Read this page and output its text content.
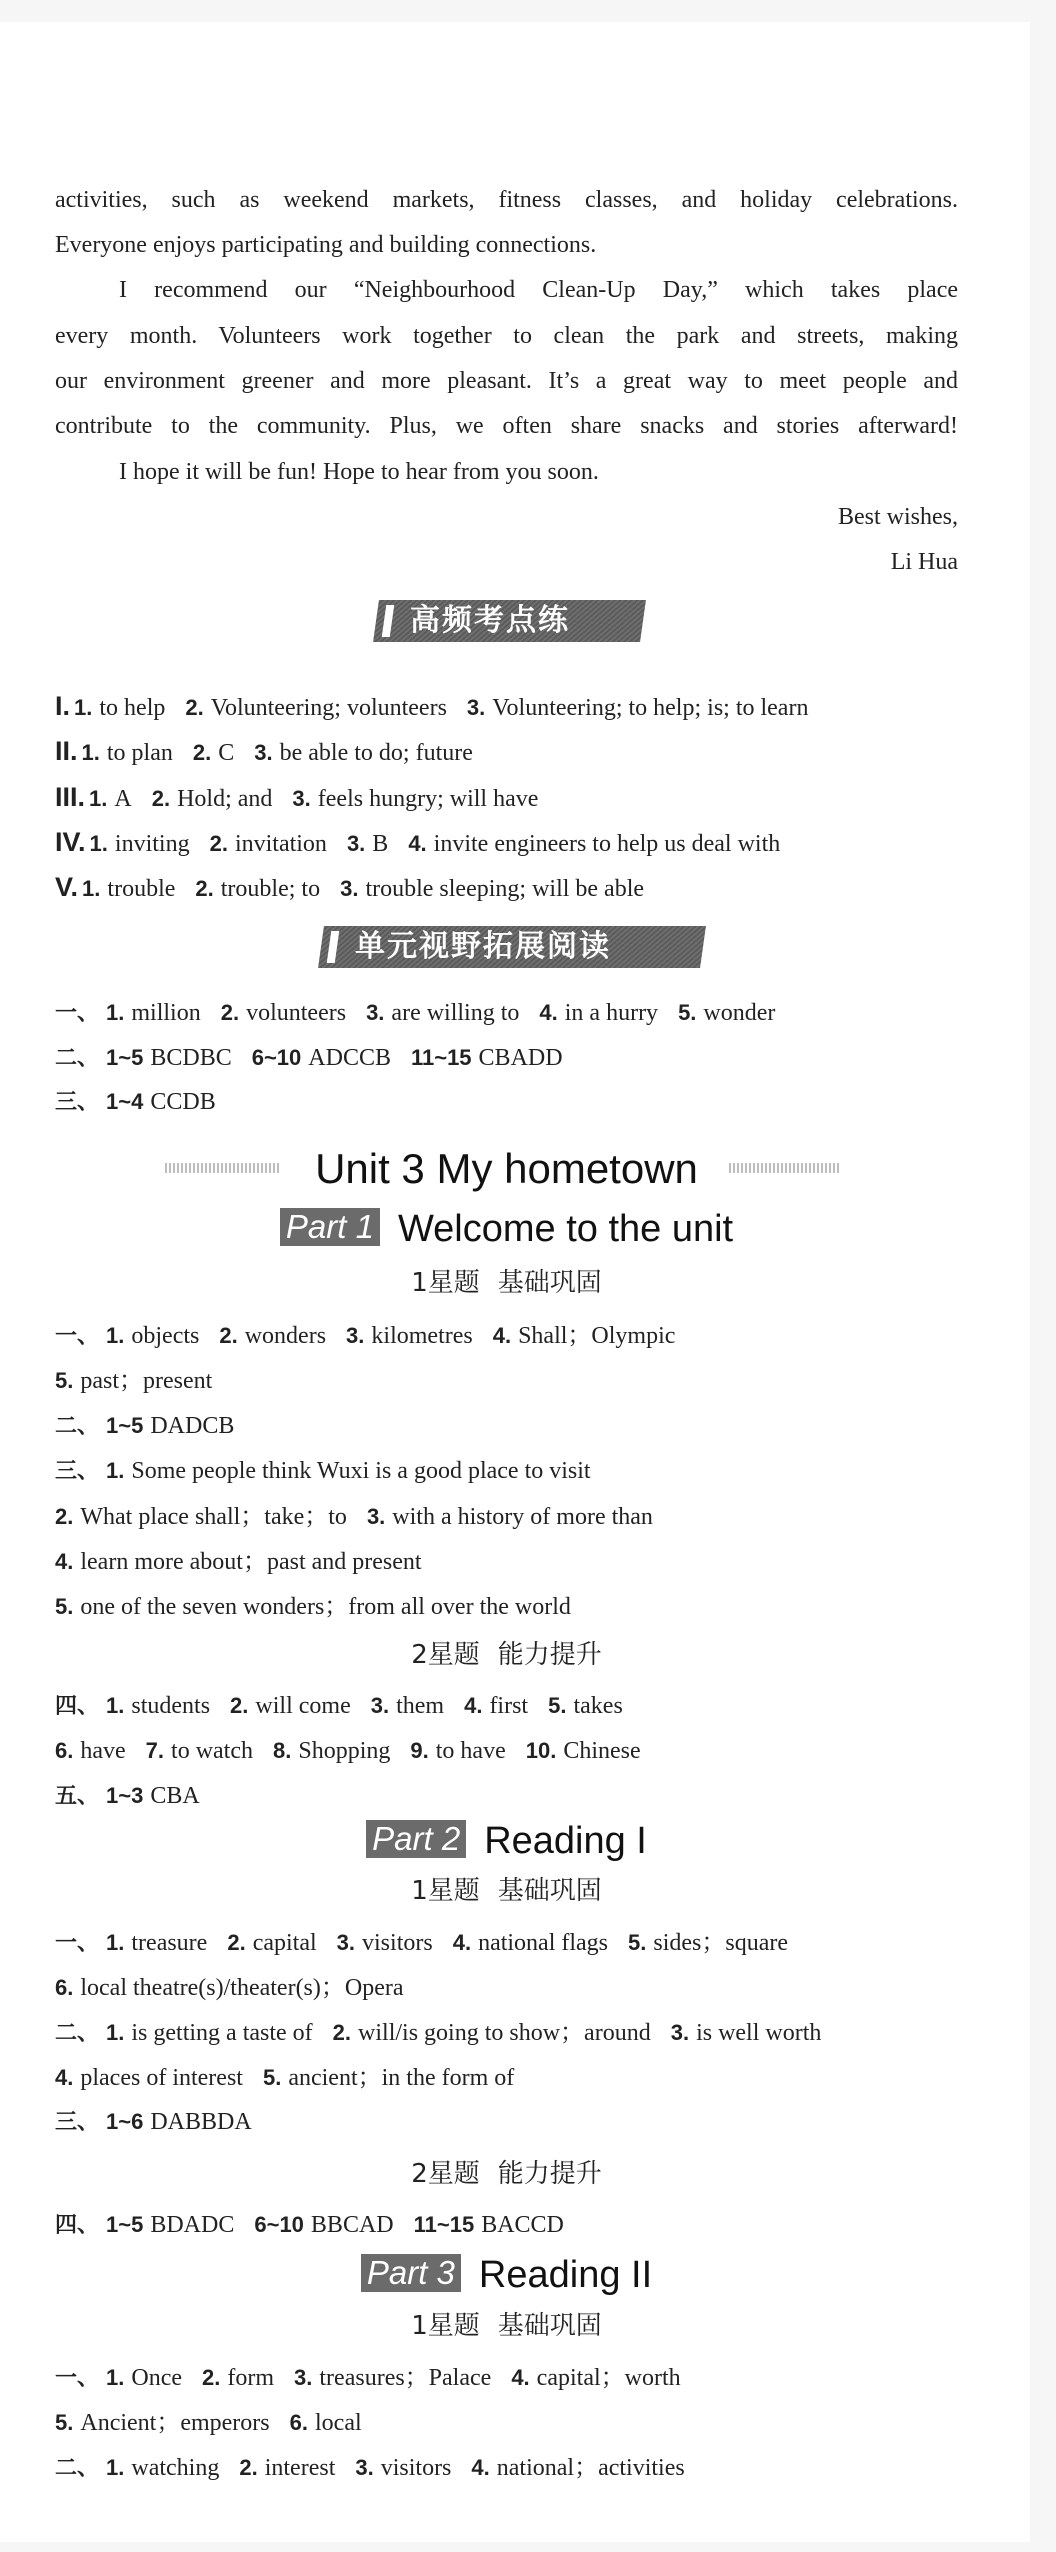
activities, such as weekend markets, fitness classes, and holiday celebrations.
Everyone enjoys participating and building connections.
I recommend our “Neighbourhood Clean-Up Day,” which takes place
every month. Volunteers work together to clean the park and streets, making
our environment greener and more pleasant. It’s a great way to meet people and
contribute to the community. Plus, we often share snacks and stories afterward!
I hope it will be fun! Hope to hear from you soon.
Best wishes,
Li Hua
高频考点练
I. 1. to help 2. Volunteering; volunteers 3. Volunteering; to help; is; to learn
II. 1. to plan 2. C 3. be able to do; future
III. 1. A 2. Hold; and 3. feels hungry; will have
IV. 1. inviting 2. invitation 3. B 4. invite engineers to help us deal with
V. 1. trouble 2. trouble; to 3. trouble sleeping; will be able
单元视野拓展阅读
一、 1. million 2. volunteers 3. are willing to 4. in a hurry 5. wonder
二、 1~5 BCDBC 6~10 ADCCB 11~15 CBADD
三、 1~4 CCDB
Unit 3 My hometown
Part 1 Welcome to the unit
1星题 基础巩固
一、 1. objects 2. wonders 3. kilometres 4. Shall；Olympic
5. past；present
二、 1~5 DADCB
三、 1. Some people think Wuxi is a good place to visit
2. What place shall；take；to 3. with a history of more than
4. learn more about；past and present
5. one of the seven wonders；from all over the world
2星题 能力提升
四、 1. students 2. will come 3. them 4. first 5. takes
6. have 7. to watch 8. Shopping 9. to have 10. Chinese
五、 1~3 CBA
Part 2 Reading I
1星题 基础巩固
一、 1. treasure 2. capital 3. visitors 4. national flags 5. sides；square
6. local theatre(s)/theater(s)；Opera
二、 1. is getting a taste of 2. will/is going to show；around 3. is well worth
4. places of interest 5. ancient；in the form of
三、 1~6 DABBDA
2星题 能力提升
四、 1~5 BDADC 6~10 BBCAD 11~15 BACCD
Part 3 Reading II
1星题 基础巩固
一、 1. Once 2. form 3. treasures；Palace 4. capital；worth
5. Ancient；emperors 6. local
二、 1. watching 2. interest 3. visitors 4. national；activities
